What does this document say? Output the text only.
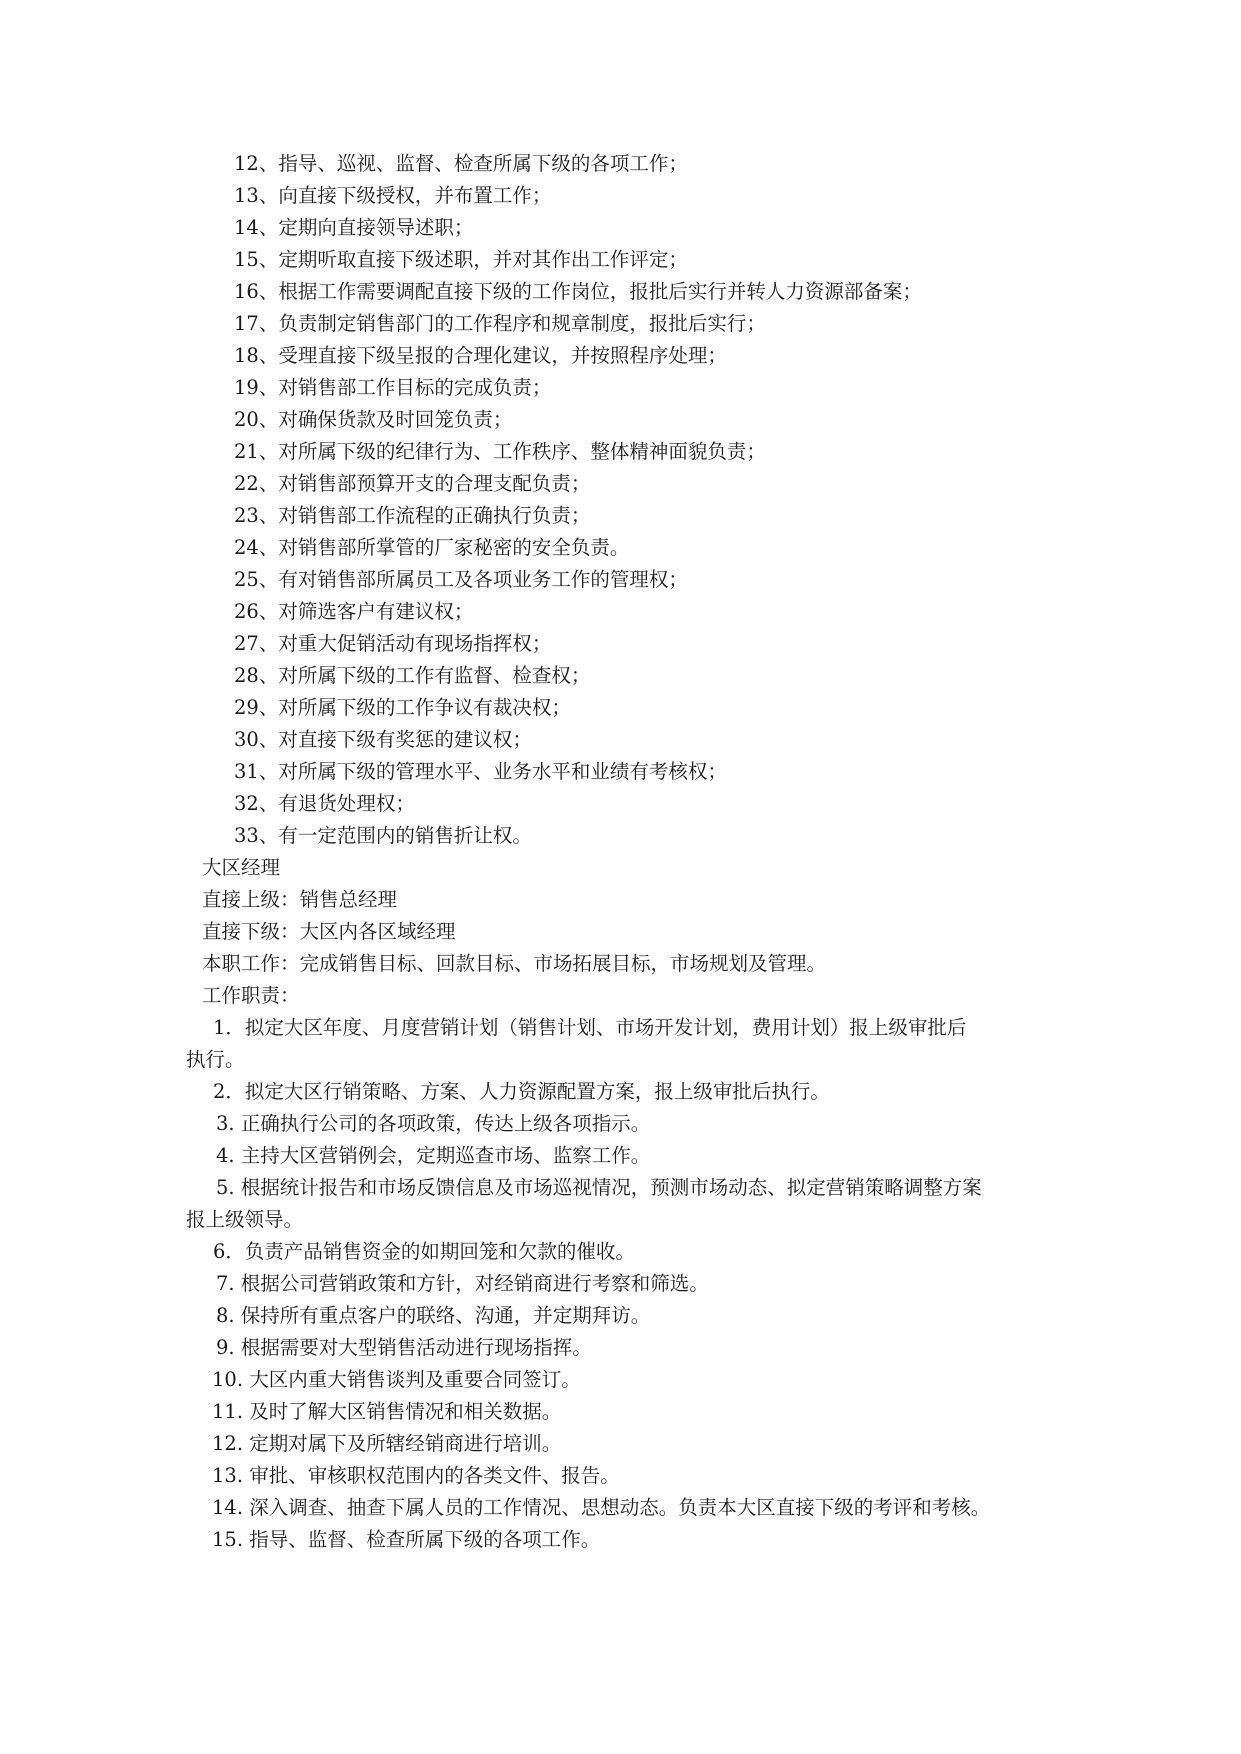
12、指导、巡视、监督、检查所属下级的各项工作；
13、向直接下级授权，并布置工作；
14、定期向直接领导述职；
15、定期听取直接下级述职，并对其作出工作评定；
16、根据工作需要调配直接下级的工作岗位，报批后实行并转人力资源部备案；
17、负责制定销售部门的工作程序和规章制度，报批后实行；
18、受理直接下级呈报的合理化建议，并按照程序处理；
19、对销售部工作目标的完成负责；
20、对确保货款及时回笼负责；
21、对所属下级的纪律行为、工作秩序、整体精神面貌负责；
22、对销售部预算开支的合理支配负责；
23、对销售部工作流程的正确执行负责；
24、对销售部所掌管的厂家秘密的安全负责。
25、有对销售部所属员工及各项业务工作的管理权；
26、对筛选客户有建议权；
27、对重大促销活动有现场指挥权；
28、对所属下级的工作有监督、检查权；
29、对所属下级的工作争议有裁决权；
30、对直接下级有奖惩的建议权；
31、对所属下级的管理水平、业务水平和业绩有考核权；
32、有退货处理权；
33、有一定范围内的销售折让权。
大区经理
直接上级：销售总经理
直接下级：大区内各区域经理
本职工作：完成销售目标、回款目标、市场拓展目标，市场规划及管理。
工作职责：
1．拟定大区年度、月度营销计划（销售计划、市场开发计划，费用计划）报上级审批后
执行。
2．拟定大区行销策略、方案、人力资源配置方案，报上级审批后执行。
3. 正确执行公司的各项政策，传达上级各项指示。
4. 主持大区营销例会，定期巡查市场、监察工作。
5. 根据统计报告和市场反馈信息及市场巡视情况，预测市场动态、拟定营销策略调整方案
报上级领导。
6．负责产品销售资金的如期回笼和欠款的催收。
7. 根据公司营销政策和方针，对经销商进行考察和筛选。
8. 保持所有重点客户的联络、沟通，并定期拜访。
9. 根据需要对大型销售活动进行现场指挥。
10. 大区内重大销售谈判及重要合同签订。
11. 及时了解大区销售情况和相关数据。
12. 定期对属下及所辖经销商进行培训。
13. 审批、审核职权范围内的各类文件、报告。
14. 深入调查、抽查下属人员的工作情况、思想动态。负责本大区直接下级的考评和考核。
15. 指导、监督、检查所属下级的各项工作。
